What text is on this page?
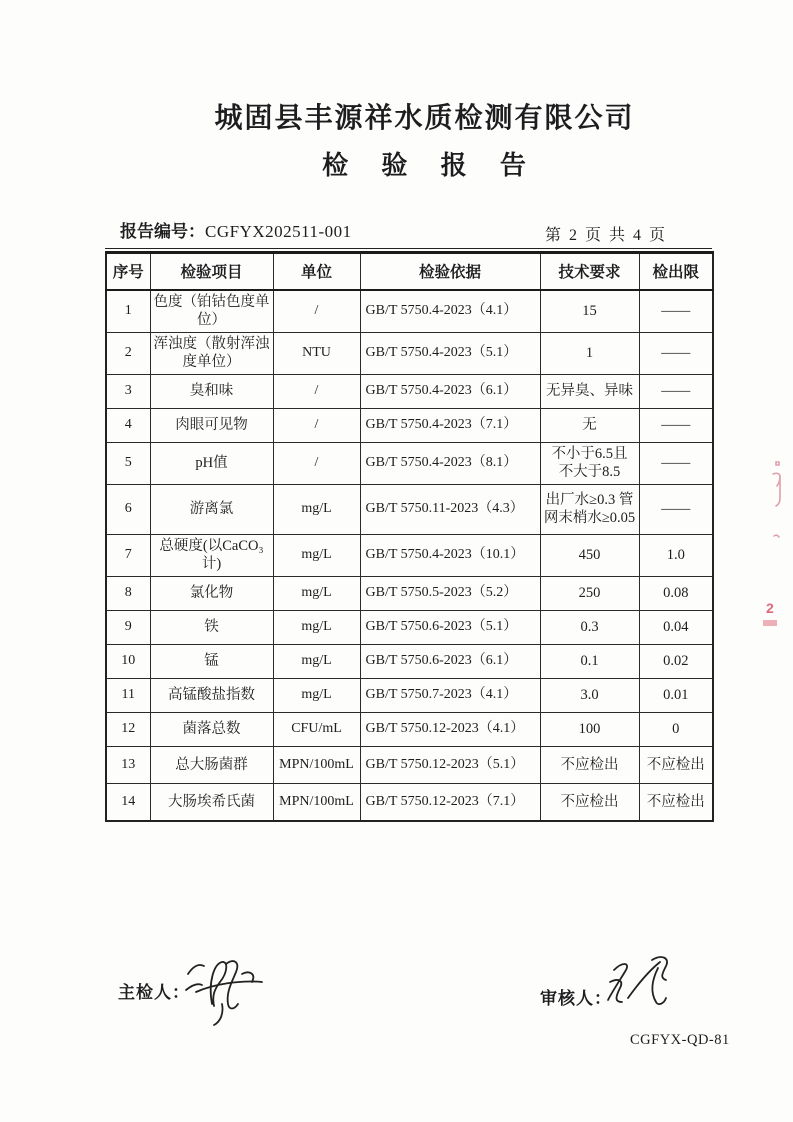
城固县丰源祥水质检测有限公司
检 验 报 告
报告编号： CGFYX202511-001	第 2 页 共 4 页
序号	检验项目	单位	检验依据	技术要求	检出限
1	色度（铂钴色度单位）	/	GB/T 5750.4-2023（4.1）	15	——
2	浑浊度（散射浑浊度单位）	NTU	GB/T 5750.4-2023（5.1）	1	——
3	臭和味	/	GB/T 5750.4-2023（6.1）	无异臭、异味	——
4	肉眼可见物	/	GB/T 5750.4-2023（7.1）	无	——
5	pH值	/	GB/T 5750.4-2023（8.1）	不小于6.5且 不大于8.5	——
6	游离氯	mg/L	GB/T 5750.11-2023（4.3）	出厂水≥0.3 管网末梢水≥0.05	——
7	总硬度(以CaCO₃计)	mg/L	GB/T 5750.4-2023（10.1）	450	1.0
8	氯化物	mg/L	GB/T 5750.5-2023（5.2）	250	0.08
9	铁	mg/L	GB/T 5750.6-2023（5.1）	0.3	0.04
10	锰	mg/L	GB/T 5750.6-2023（6.1）	0.1	0.02
11	高锰酸盐指数	mg/L	GB/T 5750.7-2023（4.1）	3.0	0.01
12	菌落总数	CFU/mL	GB/T 5750.12-2023（4.1）	100	0
13	总大肠菌群	MPN/100mL	GB/T 5750.12-2023（5.1）	不应检出	不应检出
14	大肠埃希氏菌	MPN/100mL	GB/T 5750.12-2023（7.1）	不应检出	不应检出
主检人：	审核人：
CGFYX-QD-81
2
